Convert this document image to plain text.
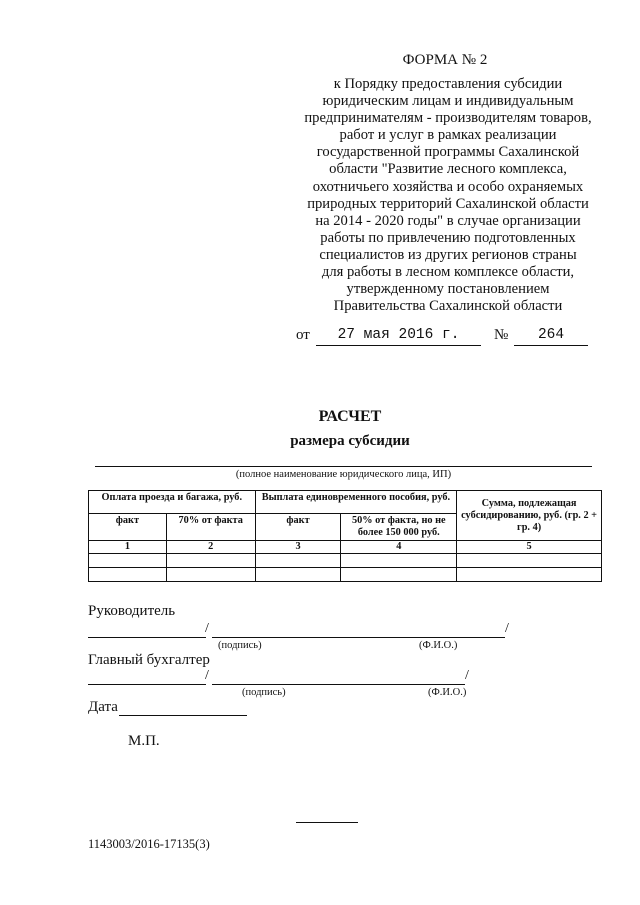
ФОРМА № 2
к Порядку предоставления субсидии
юридическим лицам и индивидуальным
предпринимателям - производителям товаров,
работ и услуг в рамках реализации
государственной программы Сахалинской
области "Развитие лесного комплекса,
охотничьего хозяйства и особо охраняемых
природных территорий Сахалинской области
на 2014 - 2020 годы" в случае организации
работы по привлечению подготовленных
специалистов из других регионов страны
для работы в лесном комплексе области,
утвержденному постановлением
Правительства Сахалинской области
от	27 мая 2016 г.	№	264
РАСЧЕТ
размера субсидии
(полное наименование юридического лица, ИП)
Оплата проезда и багажа, руб.		Выплата единовременного пособия, руб.		Сумма, подлежащая субсидированию, руб. (гр. 2 + гр. 4)
факт	70% от факта	факт	50% от факта, но не более 150 000 руб.	
1	2	3	4	5

Руководитель
/	/
(подпись)	(Ф.И.О.)
Главный бухгалтер
/	/
(подпись)	(Ф.И.О.)
Дата
М.П.
1143003/2016-17135(3)
